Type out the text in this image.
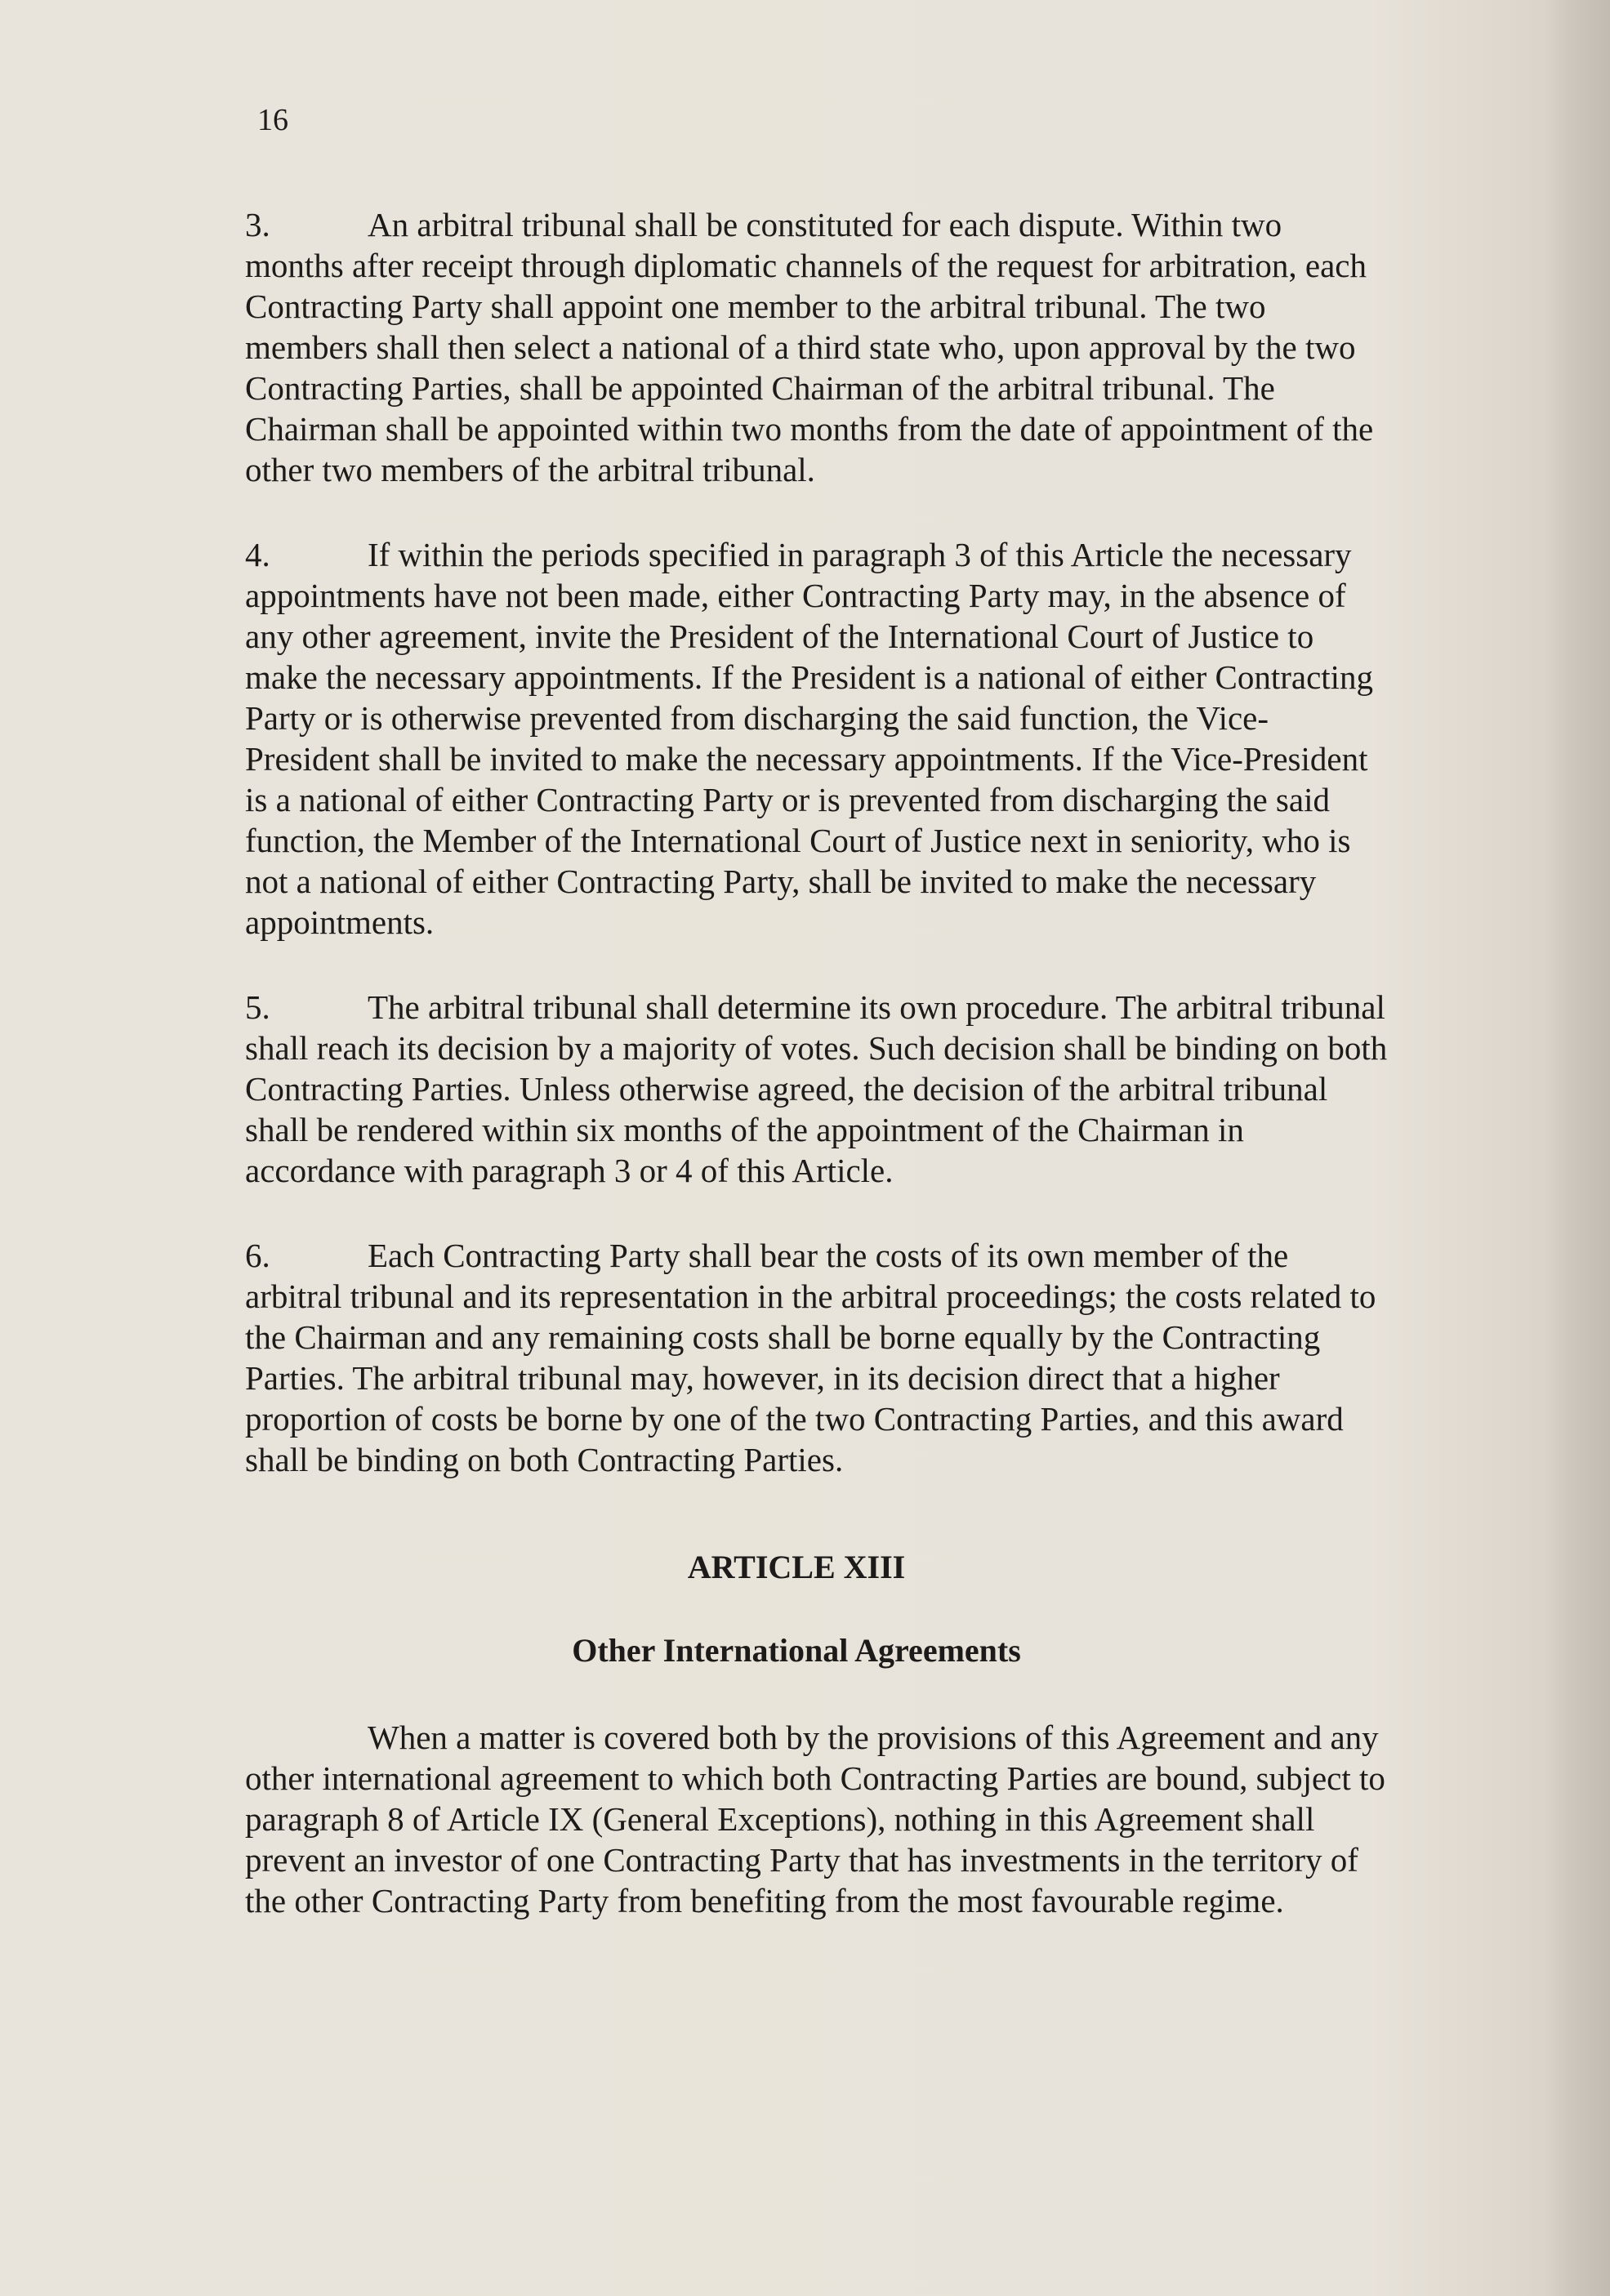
16

3.	An arbitral tribunal shall be constituted for each dispute. Within two months after receipt through diplomatic channels of the request for arbitration, each Contracting Party shall appoint one member to the arbitral tribunal. The two members shall then select a national of a third state who, upon approval by the two Contracting Parties, shall be appointed Chairman of the arbitral tribunal. The Chairman shall be appointed within two months from the date of appointment of the other two members of the arbitral tribunal.

4.	If within the periods specified in paragraph 3 of this Article the necessary appointments have not been made, either Contracting Party may, in the absence of any other agreement, invite the President of the International Court of Justice to make the necessary appointments. If the President is a national of either Contracting Party or is otherwise prevented from discharging the said function, the Vice-President shall be invited to make the necessary appointments. If the Vice-President is a national of either Contracting Party or is prevented from discharging the said function, the Member of the International Court of Justice next in seniority, who is not a national of either Contracting Party, shall be invited to make the necessary appointments.

5.	The arbitral tribunal shall determine its own procedure. The arbitral tribunal shall reach its decision by a majority of votes. Such decision shall be binding on both Contracting Parties. Unless otherwise agreed, the decision of the arbitral tribunal shall be rendered within six months of the appointment of the Chairman in accordance with paragraph 3 or 4 of this Article.

6.	Each Contracting Party shall bear the costs of its own member of the arbitral tribunal and its representation in the arbitral proceedings; the costs related to the Chairman and any remaining costs shall be borne equally by the Contracting Parties. The arbitral tribunal may, however, in its decision direct that a higher proportion of costs be borne by one of the two Contracting Parties, and this award shall be binding on both Contracting Parties.

ARTICLE XIII
Other International Agreements

When a matter is covered both by the provisions of this Agreement and any other international agreement to which both Contracting Parties are bound, subject to paragraph 8 of Article IX (General Exceptions), nothing in this Agreement shall prevent an investor of one Contracting Party that has investments in the territory of the other Contracting Party from benefiting from the most favourable regime.
